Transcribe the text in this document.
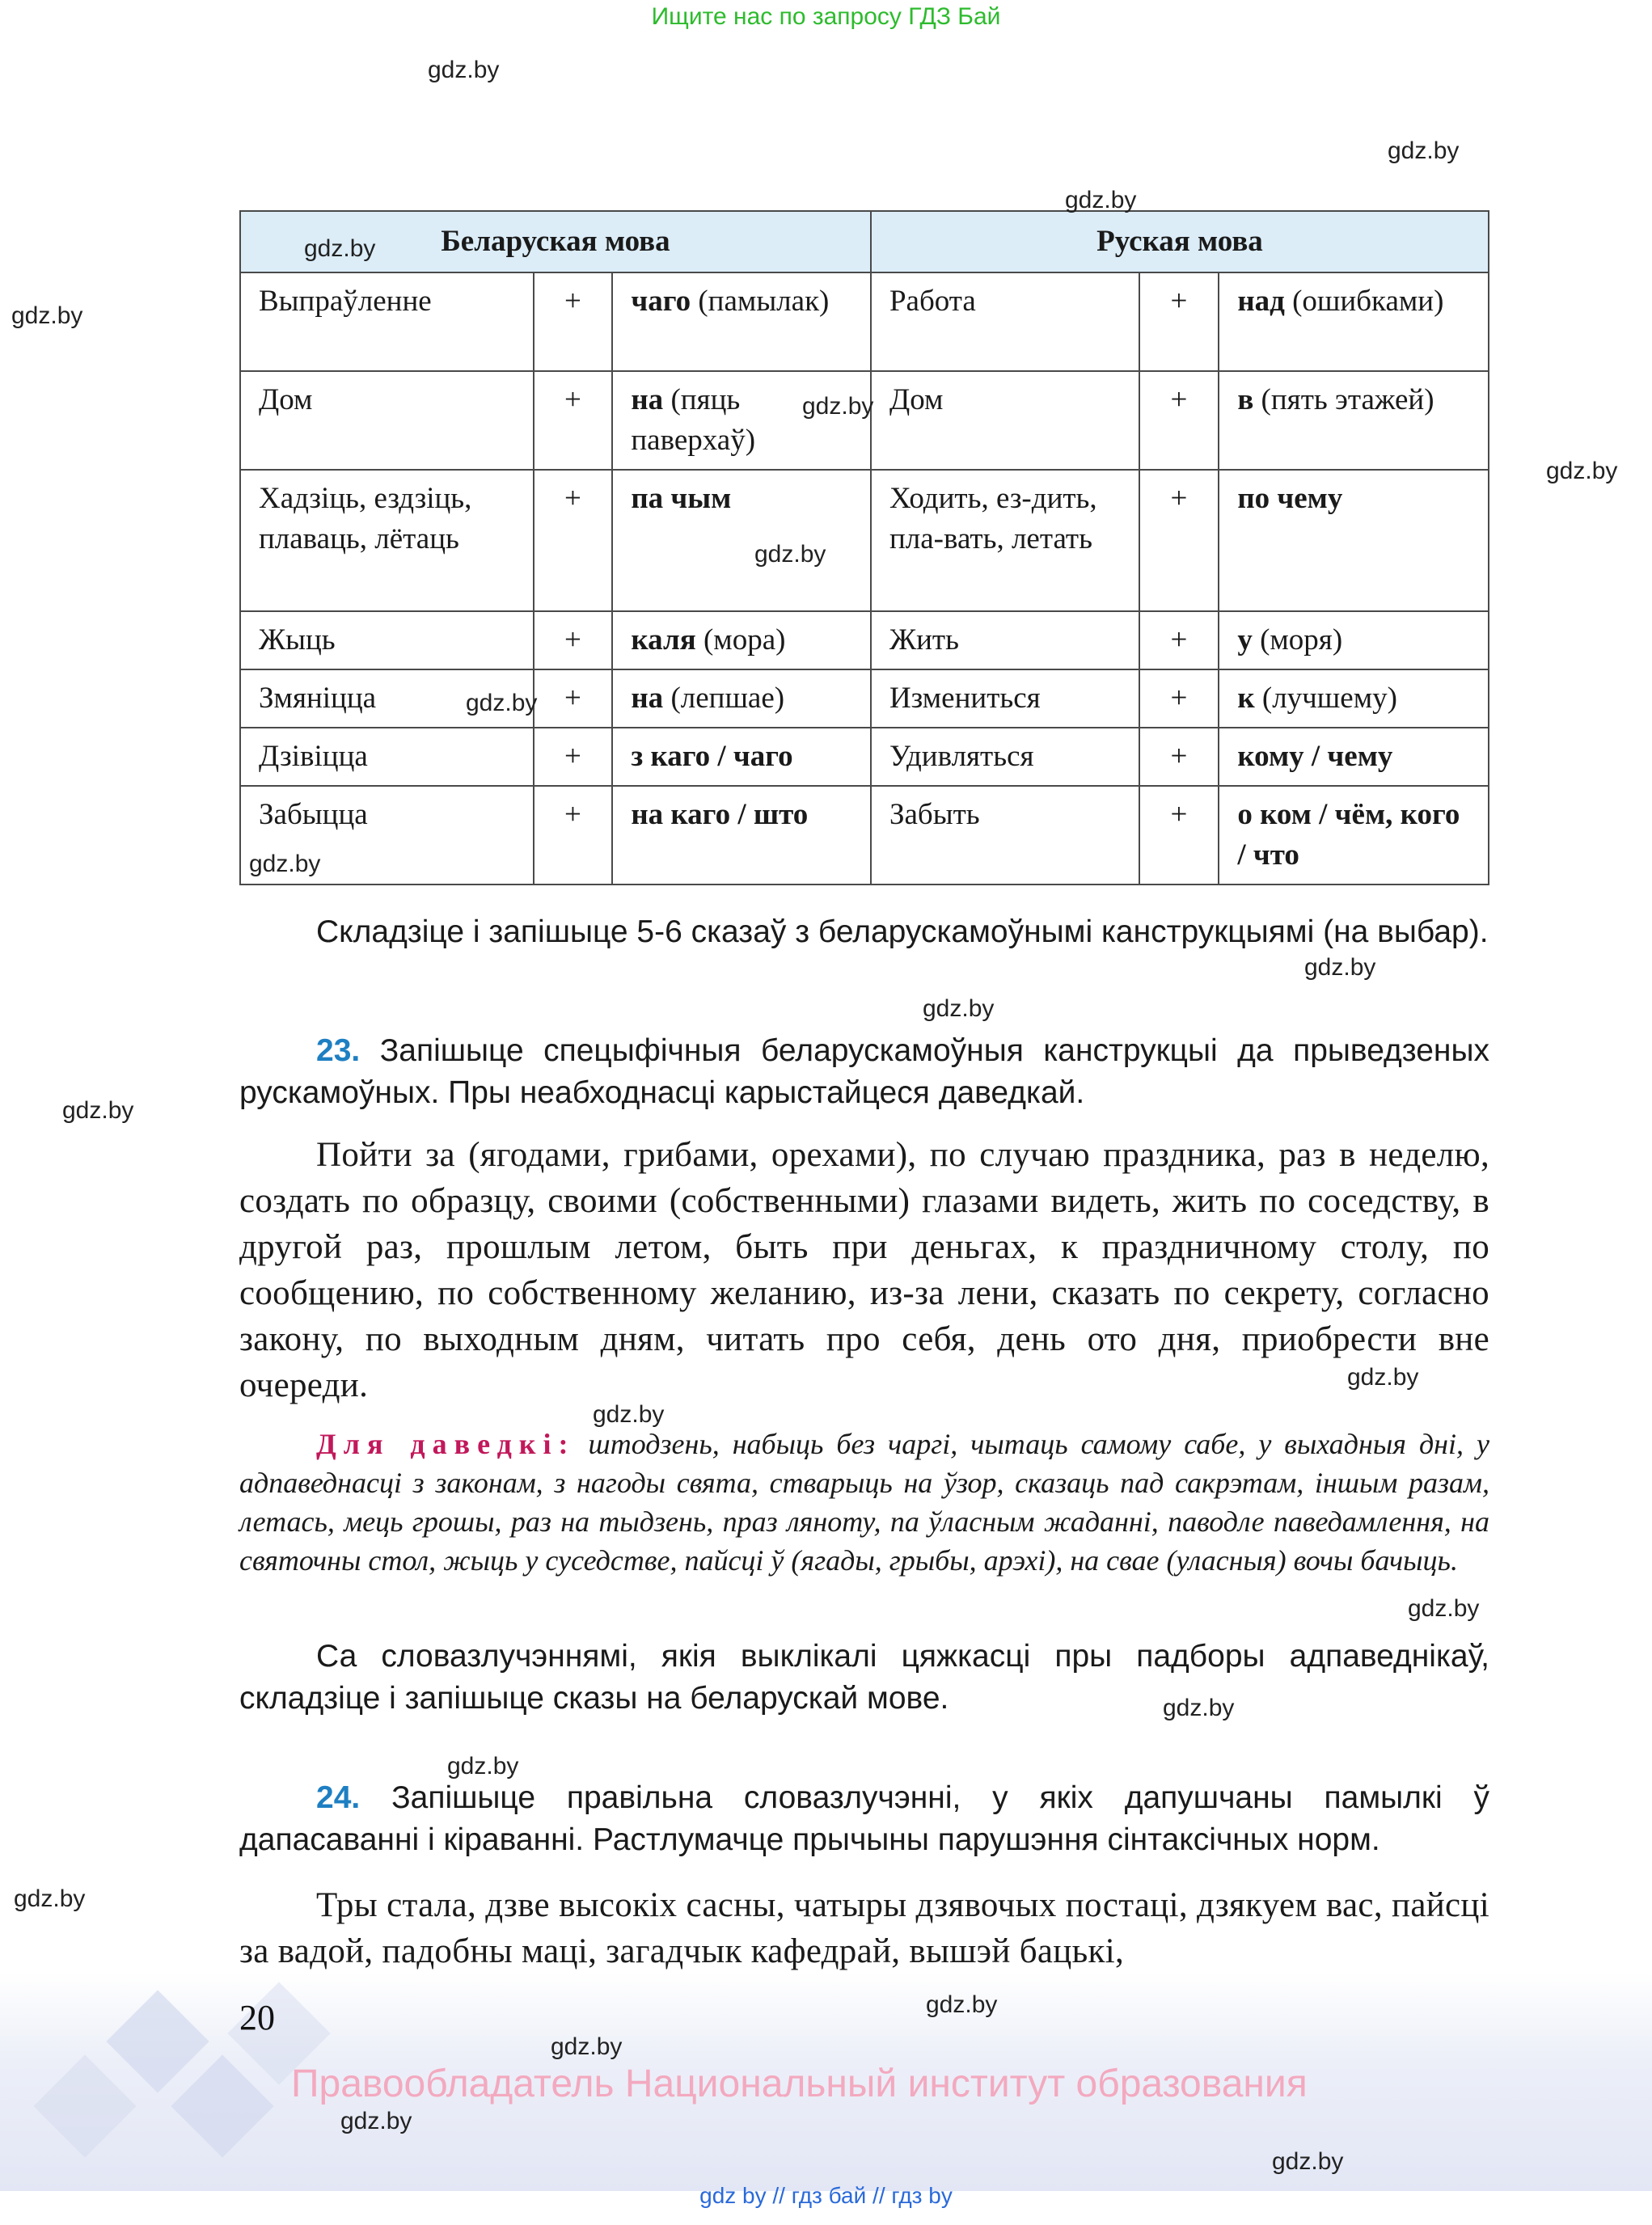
Ищите нас по запросу ГДЗ Бай
Беларуская мова			Руская мова		
Выпраўленне	+	чаго (памылак)	Работа	+	над (ошибками)
Дом	+	на (пяць паверхаў)	Дом	+	в (пять этажей)
Хадзіць, ездзіць, плаваць, лётаць	+	па чым	Ходить, ез-дить, пла-вать, летать	+	по чему
Жыць	+	каля (мора)	Жить	+	у (моря)
Змяніцца	+	на (лепшае)	Измениться	+	к (лучшему)
Дзівіцца	+	з каго / чаго	Удивляться	+	кому / чему
Забыцца	+	на каго / што	Забыть	+	о ком / чём, кого / что
Складзіце і запішыце 5-6 сказаў з беларускамоўнымі канструкцыямі (на выбар).
23. Запішыце спецыфічныя беларускамоўныя канструкцыі да прыведзеных рускамоўных. Пры неабходнасці карыстайцеся даведкай.
Пойти за (ягодами, грибами, орехами), по случаю праздника, раз в неделю, создать по образцу, своими (собственными) глазами видеть, жить по соседству, в другой раз, прошлым летом, быть при деньгах, к праздничному столу, по сообщению, по собственному желанию, из-за лени, сказать по секрету, согласно закону, по выходным дням, читать про себя, день ото дня, приобрести вне очереди.
Для даведкі: штодзень, набыць без чаргі, чытаць самому сабе, у выхадныя дні, у адпаведнасці з законам, з нагоды свята, стварыць на ўзор, сказаць пад сакрэтам, іншым разам, летась, мець грошы, раз на тыдзень, праз ляноту, па ўласным жаданні, паводле паведамлення, на святочны стол, жыць у суседстве, пайсці ў (ягады, грыбы, арэхі), на свае (уласныя) вочы бачыць.
Са словазлучэннямі, якія выклікалі цяжкасці пры падборы адпаведнікаў, складзіце і запішыце сказы на беларускай мове.
24. Запішыце правільна словазлучэнні, у якіх дапушчаны памылкі ў дапасаванні і кіраванні. Растлумачце прычыны парушэння сінтаксічных норм.
Тры стала, дзве высокіх сасны, чатыры дзявочых постаці, дзякуем вас, пайсці за вадой, падобны маці, загадчык кафедрай, вышэй бацькі,
20
Правообладатель Национальный институт образования
gdz.by
gdz.by
gdz.by
gdz.by
gdz.by
gdz.by
gdz.by
gdz.by
gdz.by
gdz.by
gdz.by
gdz.by
gdz.by
gdz.by
gdz.by
gdz.by
gdz.by
gdz.by
gdz.by
gdz.by
gdz.by
gdz.by
gdz.by
gdz by // гдз бай // гдз by
